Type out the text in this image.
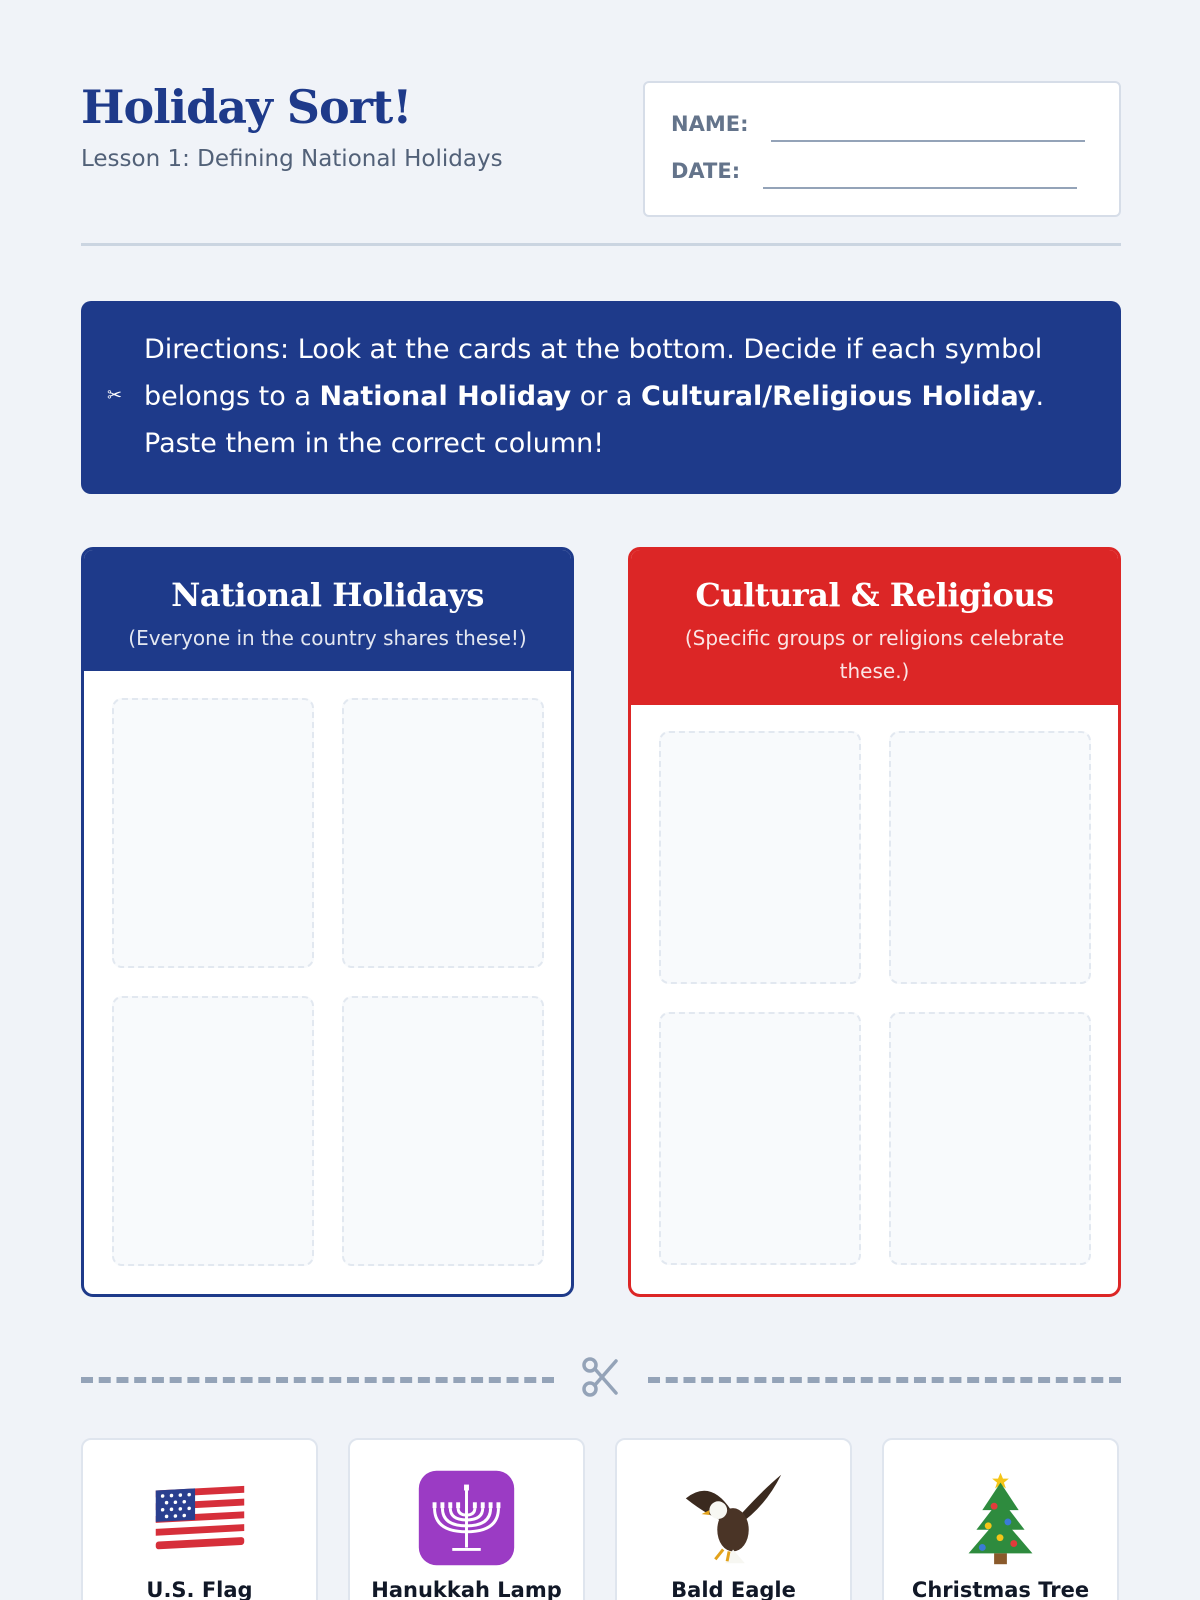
Holiday Sort!
Lesson 1: Defining National Holidays
NAME:
DATE:
✂
Directions: Look at the cards at the bottom. Decide if each symbol belongs to a National Holiday or a Cultural/Religious Holiday. Paste them in the correct column!
National Holidays
(Everyone in the country shares these!)
Cultural & Religious
(Specific groups or religions celebrate these.)
U.S. Flag	Hanukkah Lamp	Bald Eagle	Christmas Tree
